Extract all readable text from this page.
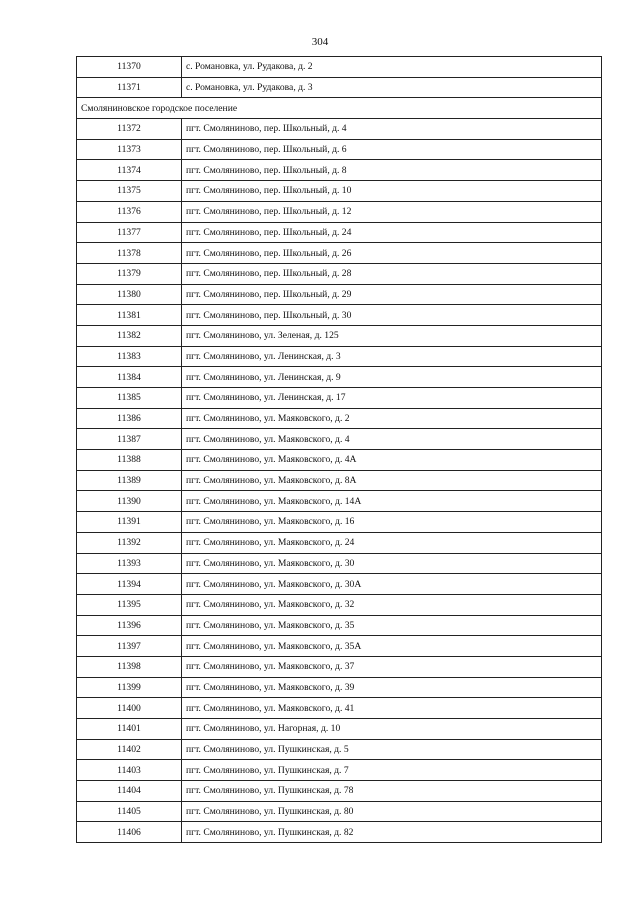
304
11370	с. Романовка, ул. Рудакова, д. 2
11371	с. Романовка, ул. Рудакова, д. 3
Смоляниновское городское поселение	
11372	пгт. Смоляниново, пер. Школьный, д. 4
11373	пгт. Смоляниново, пер. Школьный, д. 6
11374	пгт. Смоляниново, пер. Школьный, д. 8
11375	пгт. Смоляниново, пер. Школьный, д. 10
11376	пгт. Смоляниново, пер. Школьный, д. 12
11377	пгт. Смоляниново, пер. Школьный, д. 24
11378	пгт. Смоляниново, пер. Школьный, д. 26
11379	пгт. Смоляниново, пер. Школьный, д. 28
11380	пгт. Смоляниново, пер. Школьный, д. 29
11381	пгт. Смоляниново, пер. Школьный, д. 30
11382	пгт. Смоляниново, ул. Зеленая, д. 125
11383	пгт. Смоляниново, ул. Ленинская, д. 3
11384	пгт. Смоляниново, ул. Ленинская, д. 9
11385	пгт. Смоляниново, ул. Ленинская, д. 17
11386	пгт. Смоляниново, ул. Маяковского, д. 2
11387	пгт. Смоляниново, ул. Маяковского, д. 4
11388	пгт. Смоляниново, ул. Маяковского, д. 4А
11389	пгт. Смоляниново, ул. Маяковского, д. 8А
11390	пгт. Смоляниново, ул. Маяковского, д. 14А
11391	пгт. Смоляниново, ул. Маяковского, д. 16
11392	пгт. Смоляниново, ул. Маяковского, д. 24
11393	пгт. Смоляниново, ул. Маяковского, д. 30
11394	пгт. Смоляниново, ул. Маяковского, д. 30А
11395	пгт. Смоляниново, ул. Маяковского, д. 32
11396	пгт. Смоляниново, ул. Маяковского, д. 35
11397	пгт. Смоляниново, ул. Маяковского, д. 35А
11398	пгт. Смоляниново, ул. Маяковского, д. 37
11399	пгт. Смоляниново, ул. Маяковского, д. 39
11400	пгт. Смоляниново, ул. Маяковского, д. 41
11401	пгт. Смоляниново, ул. Нагорная, д. 10
11402	пгт. Смоляниново, ул. Пушкинская, д. 5
11403	пгт. Смоляниново, ул. Пушкинская, д. 7
11404	пгт. Смоляниново, ул. Пушкинская, д. 78
11405	пгт. Смоляниново, ул. Пушкинская, д. 80
11406	пгт. Смоляниново, ул. Пушкинская, д. 82
